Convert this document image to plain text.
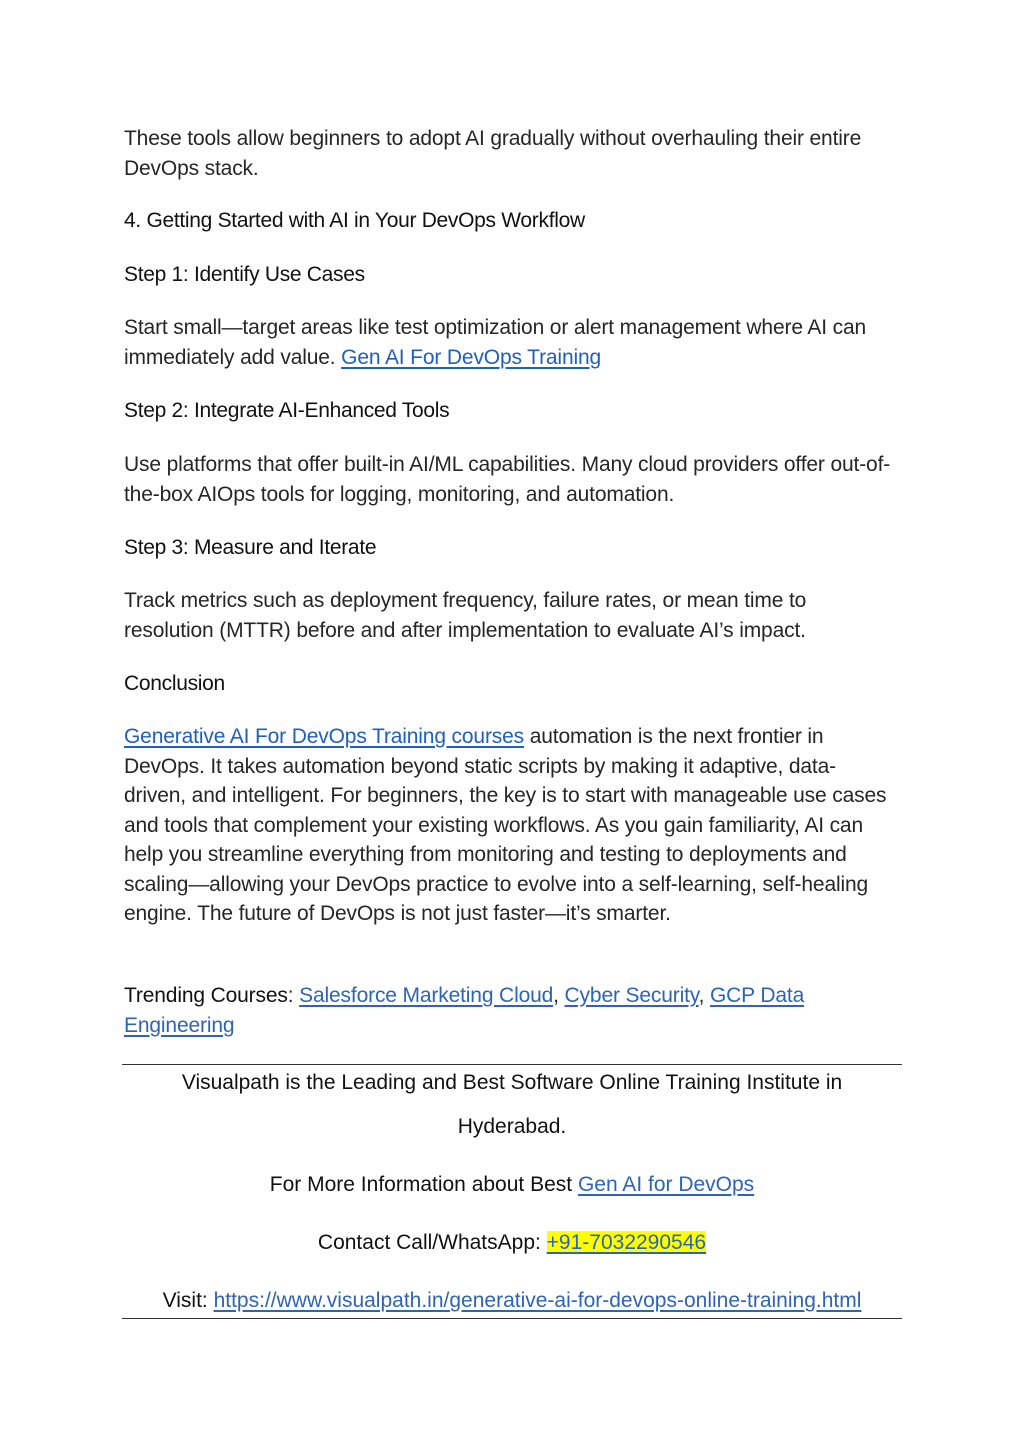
These tools allow beginners to adopt AI gradually without overhauling their entire DevOps stack.

4. Getting Started with AI in Your DevOps Workflow

Step 1: Identify Use Cases

Start small—target areas like test optimization or alert management where AI can immediately add value. Gen AI For DevOps Training

Step 2: Integrate AI-Enhanced Tools

Use platforms that offer built-in AI/ML capabilities. Many cloud providers offer out-of-the-box AIOps tools for logging, monitoring, and automation.

Step 3: Measure and Iterate

Track metrics such as deployment frequency, failure rates, or mean time to resolution (MTTR) before and after implementation to evaluate AI’s impact.

Conclusion

Generative AI For DevOps Training courses automation is the next frontier in DevOps. It takes automation beyond static scripts by making it adaptive, data-driven, and intelligent. For beginners, the key is to start with manageable use cases and tools that complement your existing workflows. As you gain familiarity, AI can help you streamline everything from monitoring and testing to deployments and scaling—allowing your DevOps practice to evolve into a self-learning, self-healing engine. The future of DevOps is not just faster—it’s smarter.

Trending Courses: Salesforce Marketing Cloud, Cyber Security, GCP Data Engineering

Visualpath is the Leading and Best Software Online Training Institute in
Hyderabad.
For More Information about Best Gen AI for DevOps
Contact Call/WhatsApp: +91-7032290546
Visit: https://www.visualpath.in/generative-ai-for-devops-online-training.html
